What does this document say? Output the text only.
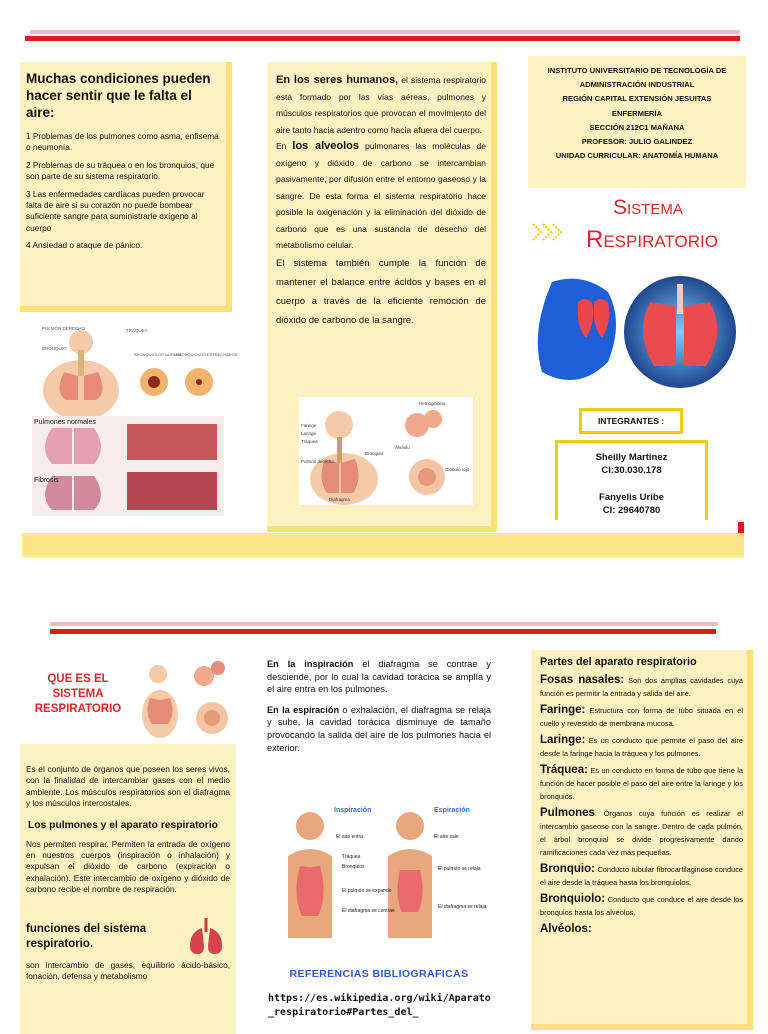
Muchas condiciones pueden hacer sentir que le falta el aire:

1 Problemas de los pulmones como asma, enfisema o neumonía.

2 Problemas de su tráquea o en los bronquios, que son parte de su sistema respiratorio.

3 Las enfermedades cardíacas pueden provocar falta de aire si su corazón no puede bombear suficiente sangre para suministrarle oxígeno al cuerpo

4 Ansiedad o ataque de pánico.

PULMÓN DERECHO	TRÁQUEA
BRONQUIO
BRONQUIOLOS NORMAL
BRONQUIOLOS ESTRECHADOS
Pulmones normales
Fibrosis

En los seres humanos, el sistema respiratorio está formado por las vías aéreas, pulmones y músculos respiratorios que provocan el movimiento del aire tanto hacia adentro como hacia afuera del cuerpo.

En los alveolos pulmonares las moléculas de oxígeno y dióxido de carbono se intercambian pasivamente, por difusión entre el entorno gaseoso y la sangre. De esta forma el sistema respiratorio hace posible la oxigenación y la eliminación del dióxido de carbono que es una sustancia de desecho del metabolismo celular.

El sistema también cumple la función de mantener el balance entre ácidos y bases en el cuerpo a través de la eficiente remoción de dióxido de carbono de la sangre.

Faringe
Laringe
Tráquea
Bronquio
Pulmón derecho
Diafragma
Alvéolo
Hemoglobina
Glóbulo rojo
INSTITUTO UNIVERSITARIO DE TECNOLOGÍA DE ADMINISTRACIÓN INDUSTRIAL
REGIÓN CAPITAL EXTENSIÓN JESUITAS
ENFERMERÍA
SECCIÓN 212C1 MAÑANA
PROFESOR: JULIO GALINDEZ
UNIDAD CURRICULAR: ANATOMÍA HUMANA
Sistema
Respiratorio
INTEGRANTES :
Sheilly Martinez
CI:30.030.178
Fanyelis Uribe
CI: 29640780
QUE ES EL SISTEMA RESPIRATORIO
Es el conjunto de órganos que poseen los seres vivos, con la finalidad de intercambiar gases con el medio ambiente. Los músculos respiratorios son el diafragma y los músculos intercostales.
Los pulmones y el aparato respiratorio
Nos permiten respirar. Permiten la entrada de oxígeno en nuestros cuerpos (inspiración o inhalación) y expulsan el dióxido de carbono (expiración o exhalación). Este intercambio de oxígeno y dióxido de carbono recibe el nombre de respiración.
funciones del sistema respiratorio.
son intercambio de gases, equilibrio ácido-básico, fonación, defensa y metabolismo

En la inspiración el diafragma se contrae y desciende, por lo cual la cavidad torácica se amplía y el aire entra en los pulmones.

En la espiración o exhalación, el diafragma se relaja y sube, la cavidad torácica disminuye de tamaño provocando la salida del aire de los pulmones hacia el exterior.

Inspiración
El aire entra
Tráquea
Bronquios
El pulmón se expande
El diafragma se contrae
Espiración
El aire sale
El pulmón se relaja
El diafragma se relaja
REFERENCIAS BIBLIOGRAFICAS
https://es.wikipedia.org/wiki/Aparato_respiratorio#Partes_del_
Partes del aparato respiratorio

Fosas nasales: Son dos amplias cavidades cuya función es permitir la entrada y salida del aire.

Faringe: Estructura con forma de tubo situada en el cuello y revestido de membrana mucosa.

Laringe: Es un conducto que permite el paso del aire desde la faringe hacia la tráquea y los pulmones.

Tráquea: Es un conducto en forma de tubo que tiene la función de hacer posible el paso del aire entre la laringe y los bronquios.

Pulmones: Órganos cuya función es realizar el intercambio gaseoso con la sangre. Dentro de cada pulmón, el árbol bronquial se divide progresivamente dando ramificaciones cada vez más pequeñas.

Bronquio: Conducto tubular fibrocartilaginoso conduce el aire desde la tráquea hasta los bronquiolos.

Bronquiolo: Conducto que conduce el aire desde los bronquios hasta los alvéolos.

Alvéolos:
